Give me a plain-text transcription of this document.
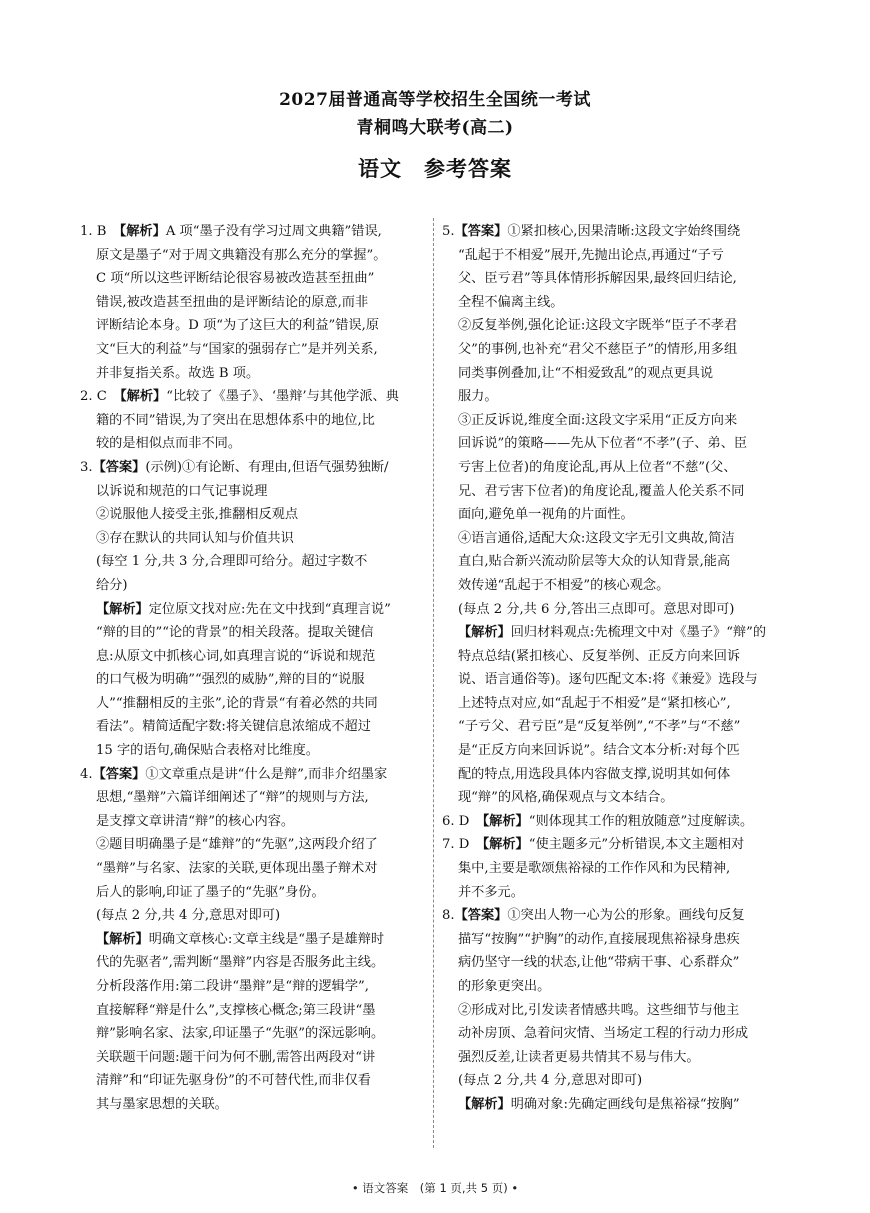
2027届普通高等学校招生全国统一考试
青桐鸣大联考(高二)
语文 参考答案

1. B　【解析】A 项“墨子没有学习过周文典籍”错误,

原文是墨子“对于周文典籍没有那么充分的掌握”。

C 项“所以这些评断结论很容易被改造甚至扭曲”

错误,被改造甚至扭曲的是评断结论的原意,而非

评断结论本身。D 项“为了这巨大的利益”错误,原

文“巨大的利益”与“国家的强弱存亡”是并列关系,

并非复指关系。故选 B 项。

2. C　【解析】“比较了《墨子》、‘墨辩’与其他学派、典

籍的不同”错误,为了突出在思想体系中的地位,比

较的是相似点而非不同。

3.【答案】(示例)①有论断、有理由,但语气强势独断/

以诉说和规范的口气记事说理

②说服他人接受主张,推翻相反观点

③存在默认的共同认知与价值共识

(每空 1 分,共 3 分,合理即可给分。超过字数不

给分)

【解析】定位原文找对应:先在文中找到“真理言说”

“辩的目的”“论的背景”的相关段落。提取关键信

息:从原文中抓核心词,如真理言说的“诉说和规范

的口气极为明确”“强烈的威胁”,辩的目的“说服

人”“推翻相反的主张”,论的背景“有着必然的共同

看法”。精简适配字数:将关键信息浓缩成不超过

15 字的语句,确保贴合表格对比维度。

4.【答案】①文章重点是讲“什么是辩”,而非介绍墨家

思想,“墨辩”六篇详细阐述了“辩”的规则与方法,

是支撑文章讲清“辩”的核心内容。

②题目明确墨子是“雄辩”的“先驱”,这两段介绍了

“墨辩”与名家、法家的关联,更体现出墨子辩术对

后人的影响,印证了墨子的“先驱”身份。

(每点 2 分,共 4 分,意思对即可)

【解析】明确文章核心:文章主线是“墨子是雄辩时

代的先驱者”,需判断“墨辩”内容是否服务此主线。

分析段落作用:第二段讲“墨辩”是“辩的逻辑学”,

直接解释“辩是什么”,支撑核心概念;第三段讲“墨

辩”影响名家、法家,印证墨子“先驱”的深远影响。

关联题干问题:题干问为何不删,需答出两段对“讲

清辩”和“印证先驱身份”的不可替代性,而非仅看

其与墨家思想的关联。

5.【答案】①紧扣核心,因果清晰:这段文字始终围绕

“乱起于不相爱”展开,先抛出论点,再通过“子亏

父、臣亏君”等具体情形拆解因果,最终回归结论,

全程不偏离主线。

②反复举例,强化论证:这段文字既举“臣子不孝君

父”的事例,也补充“君父不慈臣子”的情形,用多组

同类事例叠加,让“不相爱致乱”的观点更具说

服力。

③正反诉说,维度全面:这段文字采用“正反方向来

回诉说”的策略——先从下位者“不孝”(子、弟、臣

亏害上位者)的角度论乱,再从上位者“不慈”(父、

兄、君亏害下位者)的角度论乱,覆盖人伦关系不同

面向,避免单一视角的片面性。

④语言通俗,适配大众:这段文字无引文典故,简洁

直白,贴合新兴流动阶层等大众的认知背景,能高

效传递“乱起于不相爱”的核心观念。

(每点 2 分,共 6 分,答出三点即可。意思对即可)

【解析】回归材料观点:先梳理文中对《墨子》“辩”的

特点总结(紧扣核心、反复举例、正反方向来回诉

说、语言通俗等)。逐句匹配文本:将《兼爱》选段与

上述特点对应,如“乱起于不相爱”是“紧扣核心”,

“子亏父、君亏臣”是“反复举例”,“不孝”与“不慈”

是“正反方向来回诉说”。结合文本分析:对每个匹

配的特点,用选段具体内容做支撑,说明其如何体

现“辩”的风格,确保观点与文本结合。

6. D　【解析】“则体现其工作的粗放随意”过度解读。

7. D　【解析】“使主题多元”分析错误,本文主题相对

集中,主要是歌颂焦裕禄的工作作风和为民精神,

并不多元。

8.【答案】①突出人物一心为公的形象。画线句反复

描写“按胸”“护胸”的动作,直接展现焦裕禄身患疾

病仍坚守一线的状态,让他“带病干事、心系群众”

的形象更突出。

②形成对比,引发读者情感共鸣。这些细节与他主

动补房顶、急着问灾情、当场定工程的行动力形成

强烈反差,让读者更易共情其不易与伟大。

(每点 2 分,共 4 分,意思对即可)

【解析】明确对象:先确定画线句是焦裕禄“按胸”

• 语文答案　(第 1 页,共 5 页) •
